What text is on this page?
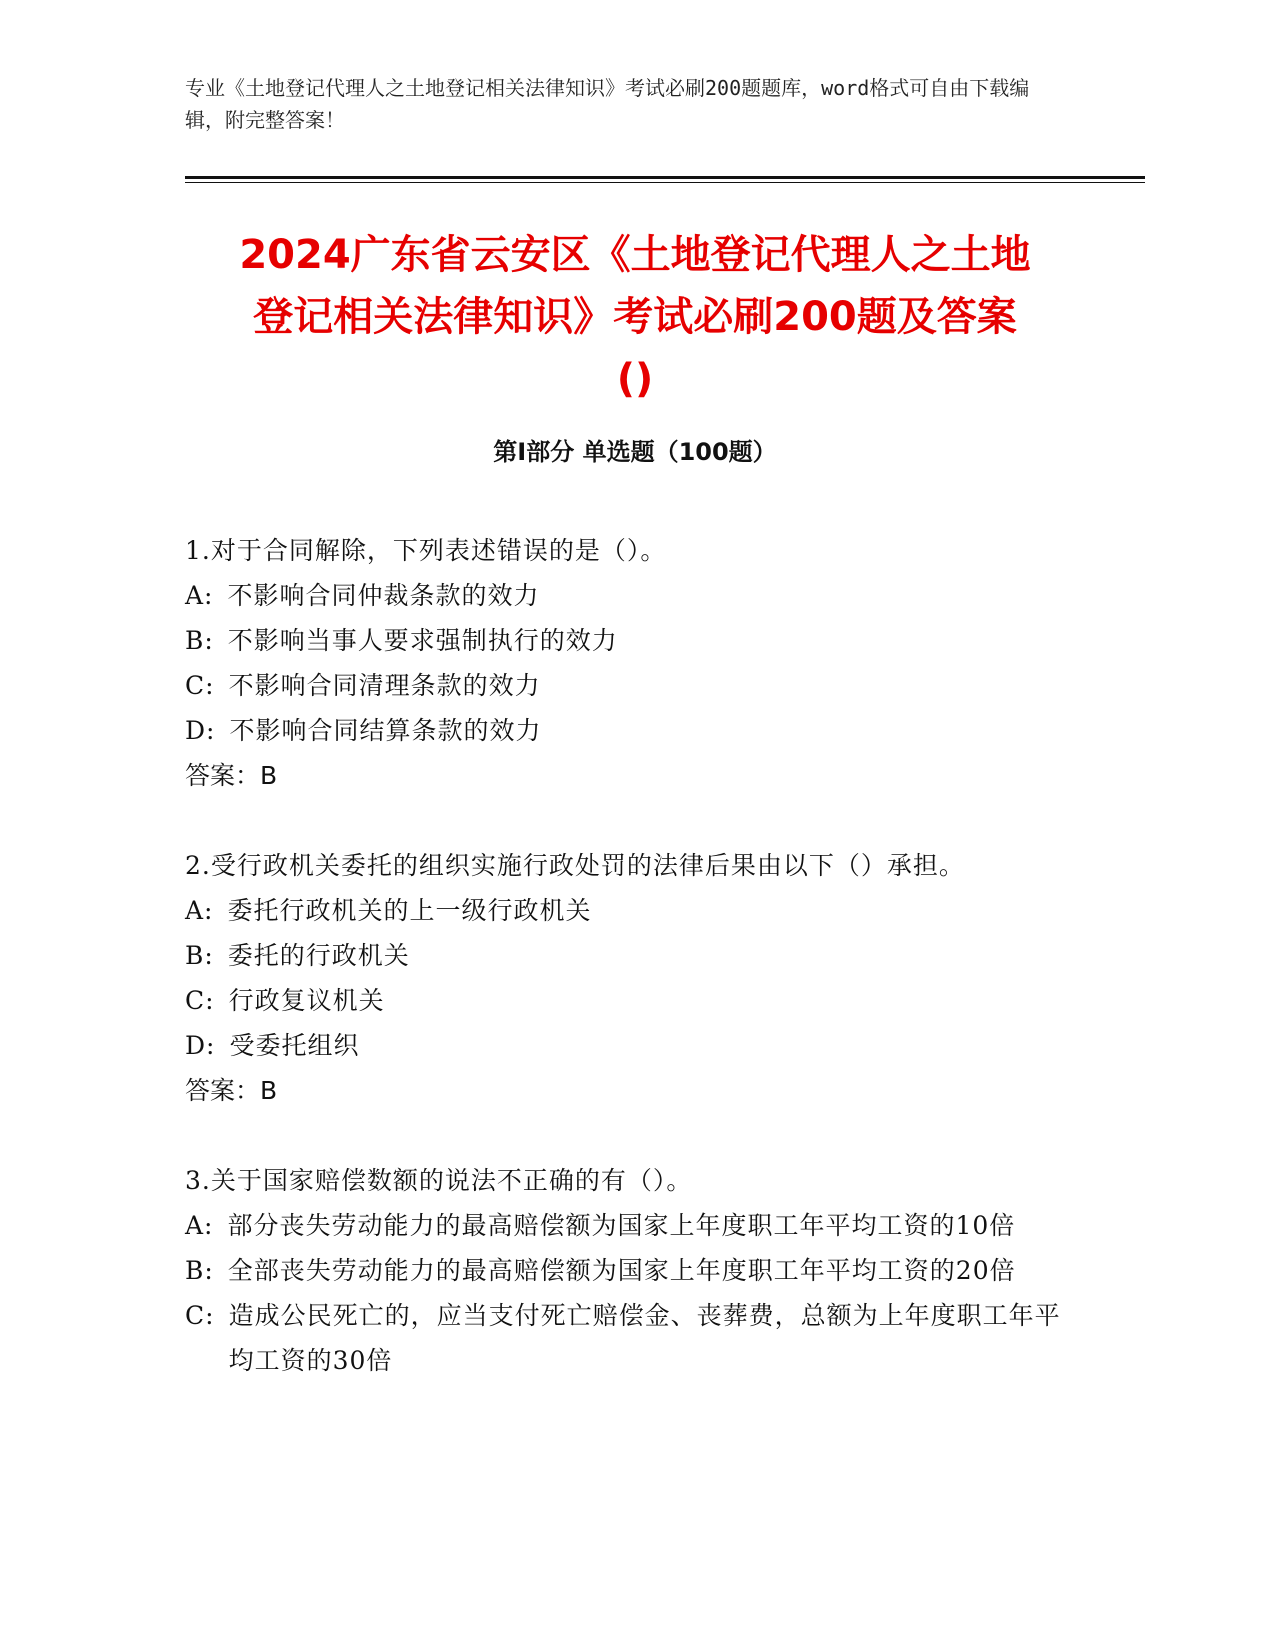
专业《土地登记代理人之土地登记相关法律知识》考试必刷200题题库，word格式可自由下载编辑，附完整答案！
2024广东省云安区《土地登记代理人之土地
登记相关法律知识》考试必刷200题及答案
()
第I部分 单选题（100题）
1.对于合同解除，下列表述错误的是（）。
A: 不影响合同仲裁条款的效力
B: 不影响当事人要求强制执行的效力
C: 不影响合同清理条款的效力
D: 不影响合同结算条款的效力
答案：B
2.受行政机关委托的组织实施行政处罚的法律后果由以下（）承担。
A: 委托行政机关的上一级行政机关
B: 委托的行政机关
C: 行政复议机关
D: 受委托组织
答案：B
3.关于国家赔偿数额的说法不正确的有（）。
A: 部分丧失劳动能力的最高赔偿额为国家上年度职工年平均工资的10倍
B: 全部丧失劳动能力的最高赔偿额为国家上年度职工年平均工资的20倍
C: 造成公民死亡的，应当支付死亡赔偿金、丧葬费，总额为上年度职工年平均工资的30倍
